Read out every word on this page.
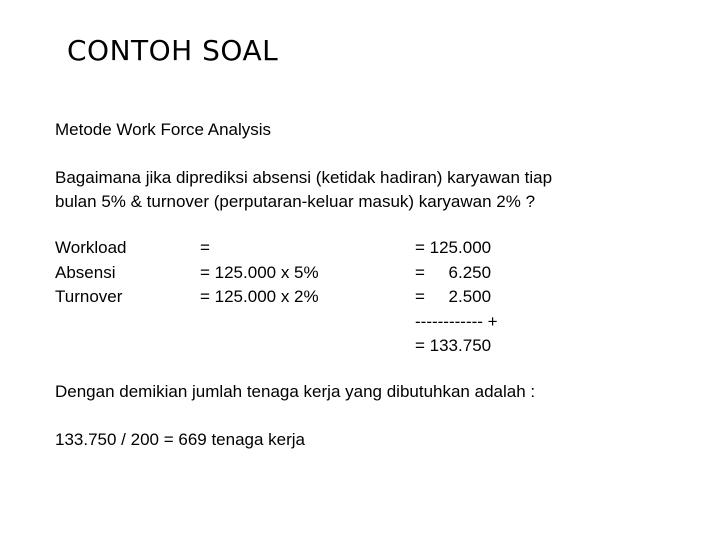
CONTOH SOAL
Metode Work Force Analysis
Bagaimana jika diprediksi absensi (ketidak hadiran) karyawan tiap
bulan 5% & turnover (perputaran-keluar masuk) karyawan 2% ?
Workload
Absensi
Turnover
=
= 125.000 x 5%
= 125.000 x 2%
= 125.000
=     6.250
=     2.500
------------ +
= 133.750
Dengan demikian jumlah tenaga kerja yang dibutuhkan adalah :
133.750 / 200 = 669 tenaga kerja
